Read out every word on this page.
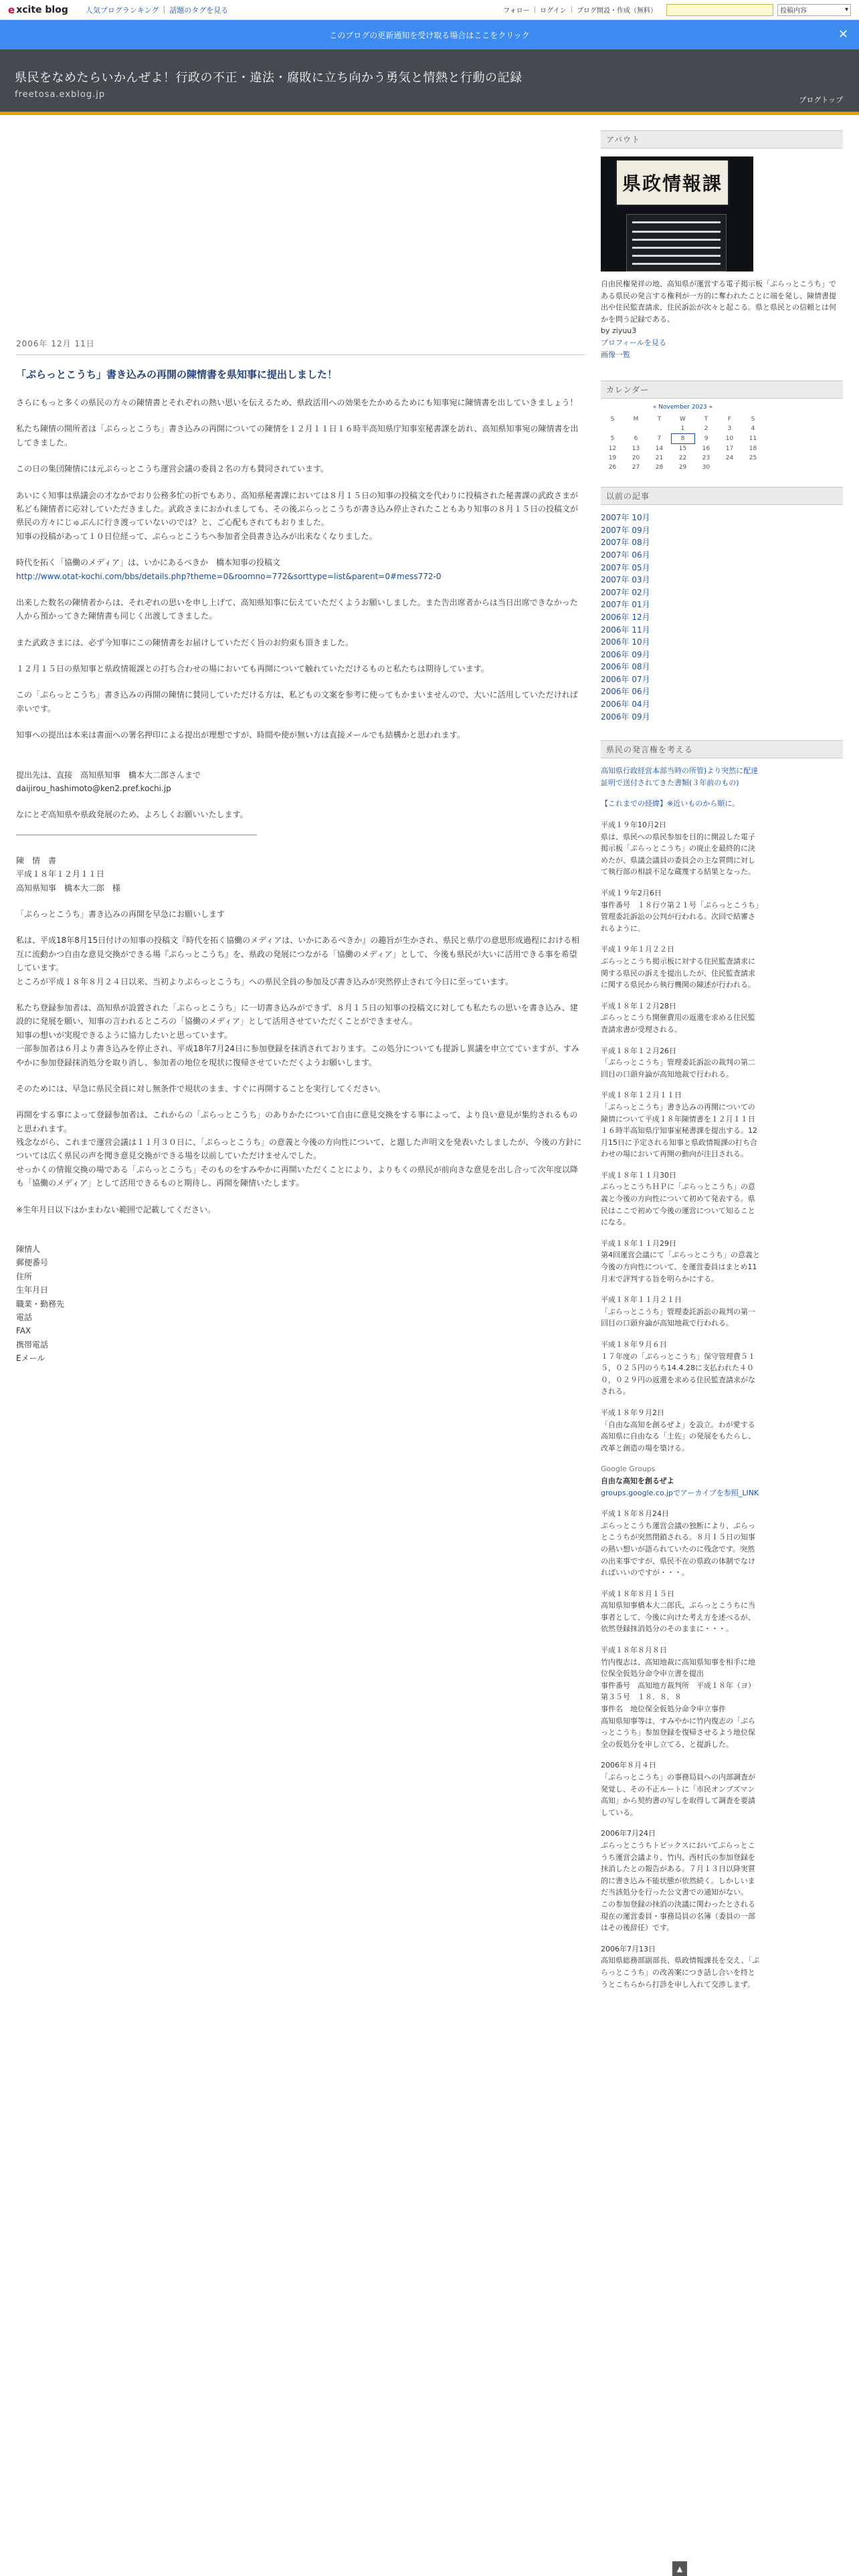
e xcite blog 人気ブログランキング | 話題のタグを見る	フォロー | ログイン | ブログ開設・作成（無料）	投稿内容	▾
このブログの更新通知を受け取る場合はここをクリック	✕
県民をなめたらいかんぜよ！行政の不正・違法・腐敗に立ち向かう勇気と情熱と行動の記録
freetosa.exblog.jp
ブログトップ
2006年 12月 11日
「ぷらっとこうち」書き込みの再開の陳情書を県知事に提出しました！

さらにもっと多くの県民の方々の陳情書とそれぞれの熱い思いを伝えるため、県政活用への効果をたかめるためにも知事宛に陳情書を出していきましょう！

私たち陳情の開所者は「ぷらっとこうち」書き込みの再開についての陳情を１２月１１日１６時半高知県庁知事室秘書課を訪れ、高知県知事宛の陳情書を出してきました。

この日の集団陳情には元ぷらっとこうち運営会議の委員２名の方も賛同されています。

あいにく知事は県議会の才なかでおり公務多忙の折でもあり、高知県秘書課においては８月１５日の知事の投稿文を代わりに投稿された秘書課の武政さまが私ども陳情者に応対していただきました。武政さまにおかれましても、その後ぷらっとこうちが書き込み停止されたこともあり知事の８月１５日の投稿文が県民の方々にじゅぶんに行き渡っていないのでは？と、ご心配もされてもおりました。

知事の投稿があって１０日位経って、ぷらっとこうちへ参加者全員書き込みが出来なくなりました。

時代を拓く「協働のメディア」は、いかにあるべきか　橋本知事の投稿文

http://www.otat-kochi.com/bbs/details.php?theme=0&roomno=772&sorttype=list&parent=0#mess772-0

出来した数名の陳情者からは、それぞれの思いを申し上げて、高知県知事に伝えていただくようお願いしました。また告出席者からは当日出席できなかった人から預かってきた陳情書も同じく出渡してきました。

また武政さまには、必ず今知事にこの陳情書をお届けしていただく旨のお約束も頂きました。

１２月１５日の県知事と県政情報課との打ち合わせの場においても再開について触れていただけるものと私たちは期待しています。

この「ぷらっとこうち」書き込みの再開の陳情に賛同していただける方は、私どもの文案を参考に使ってもかまいませんので、大いに活用していただければ幸いです。

知事への提出は本来は書面への署名押印による提出が理想ですが、時間や使が無い方は直接メールでも結構かと思われます。

提出先は、直接　高知県知事　橋本大二郎さんまで

daijirou_hashimoto@ken2.pref.kochi.jp

なにとぞ高知県や県政発展のため、よろしくお願いいたします。

陳　情　書

平成１８年１２月１１日

高知県知事　橋本大二郎　様

「ぷらっとこうち」書き込みの再開を早急にお願いします

私は、平成18年8月15日付けの知事の投稿文『時代を拓く協働のメディアは、いかにあるべきか』の趣旨が生かされ、県民と県庁の意思形成過程における相互に流動かつ自由な意見交換ができる場『ぷらっとこうち』を、県政の発展につながる「協働のメディア」として、今後も県民が大いに活用できる事を希望しています。

ところが平成１８年８月２４日以来、当初よりぷらっとこうち」への県民全員の参加及び書き込みが突然停止されて今日に至っています。

私たち登録参加者は、高知県が設置された「ぷらっとこうち」に一切書き込みができず、８月１５日の知事の投稿文に対しても私たちの思いを書き込み、建設的に発展を願い、知事の言われるところの「協働のメディア」として活用させていただくことができません。

知事の想いが実現できるように協力したいと思っています。

一部参加者は６月より書き込みを停止され、平成18年7月24日に参加登録を抹消されております。この処分についても提訴し異議を申立てていますが、すみやかに参加登録抹消処分を取り消し、参加者の地位を現状に復帰させていただくようお願いします。

そのためには、早急に県民全員に対し無条件で規状のまま、すぐに再開することを実行してください。

再開をする事によって登録参加者は、これからの「ぷらっとこうち」のありかたについて自由に意見交換をする事によって、より良い意見が集約されるものと思われます。

残念ながら、これまで運営会議は１１月３０日に、「ぷらっとこうち」の意義と今後の方向性について、と題した声明文を発表いたしましたが、今後の方針については広く県民の声を聞き意見交換ができる場を以前していただけませんでした。

せっかくの情報交換の場である「ぷらっとこうち」そのものをすみやかに再開いただくことにより、よりもくの県民が前向きな意見を出し合って次年度以降も「協働のメディア」として活用できるものと期待し、再開を陳情いたします。

※生年月日以下はかまわない範囲で記載してください。

陳情人

郵便番号

住所

生年月日

職業・勤務先

電話

FAX

携帯電話

Eメール

アバウト
県政情報課
自由民権発祥の地、高知県が運営する電子掲示板「ぷらっとこうち」である県民の発言する権利が一方的に奪われたことに端を発し、陳情書提出や住民監査請求、住民訴訟が次々と起こる。県と県民との信頼とは何かを問う記録である。
by ziyuu3
プロフィールを見る
画像一覧
カレンダー
« November 2023 »
S	M	T	W	T	F	S
			1	2	3	4
5	6	7	8	9	10	11
12	13	14	15	16	17	18
19	20	21	22	23	24	25
26	27	28	29	30		
以前の記事
2007年 10月
2007年 09月
2007年 08月
2007年 06月
2007年 05月
2007年 03月
2007年 02月
2007年 01月
2006年 12月
2006年 11月
2006年 10月
2006年 09月
2006年 08月
2006年 07月
2006年 06月
2006年 04月
2006年 09月
県民の発言権を考える

高知県行政経営本部当時の所管)より突然に配達証明で送付されてきた書類(３年前のもの)

【これまでの経緯】※近いものから順に。

平成１９年10月2日
県は、県民への県民参加を目的に開設した電子掲示板「ぷらっとこうち」の廃止を最終的に決めたが、県議会議員の委員会の主な質問に対して執行部の相談不足な蔵蔑する結果となった。

平成１９年2月6日
事件番号　１８行ウ第２１号「ぷらっとこうち」管理委託訴訟の公判が行われる。次回で結審されるように。

平成１９年１月２２日
ぷらっとこうち掲示板に対する住民監査請求に関する県民の訴えを提出したが、住民監査請求に関する県民から執行機関の陳述が行われる。

平成１８年１２月28日
ぷらっとこうち開催費用の返還を求める住民監査請求書が受理される。

平成１８年１２月26日
「ぷらっとこうち」管理委託訴訟の裁判の第二回目の口頭弁論が高知地裁で行われる。

平成１８年１２月１１日
「ぷらっとこうち」書き込みの再開についての陳情について平成１８年陳情書を１２月１１日１６時半高知県庁知事室秘書課を提出する。12月15日に予定される知事と県政情報課の打ち合わせの場において再開の動向が注目される。

平成１８年１１月30日
ぷらっとこうちＨＰに「ぷらっとこうち」の意義と今後の方向性について初めて発表する。県民はここで初めて今後の運営について知ることになる。

平成１８年１１月29日
第4回運営会議にて「ぷらっとこうち」の意義と今後の方向性について、を運営委員はまとめ11月末で評判する旨を明らかにする。

平成１８年１１月２１日
「ぷらっとこうち」管理委託訴訟の裁判の第一回目の口頭弁論が高知地裁で行われる。

平成１８年９月６日
１７年度の「ぷらっとこうち」保守管理費５１５，０２５円のうち14.4.28に支払われた４００，０２９円の返還を求める住民監査請求がなされる。

平成１８年９月2日
「自由な高知を創るぜよ」を設立。わが愛する高知県に自由なる「土佐」の発展をもたらし、改革と創造の場を築ける。

Google Groups

自由な高知を創るぜよ

groups.google.co.jpでアーカイブを参照_LINK

平成１８年８月24日
ぷらっとこうち運営会議の独断により、ぷらっとこうちが突然閉鎖される。８月１５日の知事の熱い想いが語られていたのに残念です。突然の出来事ですが、県民不在の県政の体制でなければいいのですが・・・。

平成１８年８月１５日
高知県知事橋本大二郎氏、ぷらっとこうちに当事者として、今後に向けた考え方を述べるが、依然登録抹消処分のそのままに・・・。

平成１８年８月８日
竹内復志は、高知地裁に高知県知事を相手に地位保全仮処分命令申立書を提出
事件番号　高知地方裁判所　平成１８年（ヨ）第３５号　１８．８．８
事件名　地位保全仮処分命令申立事件
高知県知事等は、すみやかに竹内復志の「ぷらっとこうち」参加登録を復帰させるよう地位保全の仮処分を申し立てる、と提訴した。

2006年８月４日
「ぷらっとこうち」の事務局員への内部調査が発覚し、その不正ルートに「市民オンブズマン高知」から契約書の写しを取得して調査を要請している。

2006年7月24日
ぷらっとこうちトピックスにおいてぷらっとこうち運営会議より、竹内、西村氏の参加登録を抹消したとの報告がある。７月１３日以降実質的に書き込み不能状態が依然続く。しかしいまだ当該処分を行った公文書での通知がない。
この参加登録の抹消の決議に関わったとされる現在の運営委員・事務局員の名簿（委員の一部はその後辞任）です。

2006年7月13日
高知県総務部副部長、県政情報課長を交え、「ぷらっとこうち」の改善案につき話し合いを持とうとこちらから打診を申し入れて交渉しまず。

▲
